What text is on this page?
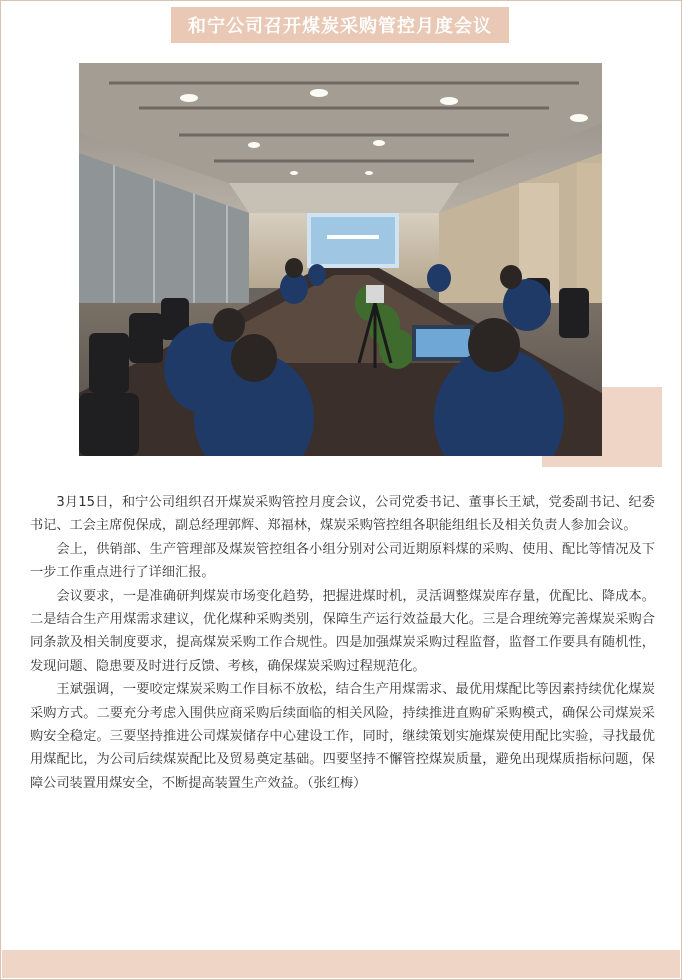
和宁公司召开煤炭采购管控月度会议

3月15日，和宁公司组织召开煤炭采购管控月度会议，公司党委书记、董事长王斌，党委副书记、纪委书记、工会主席倪保成，副总经理郭辉、郑福林，煤炭采购管控组各职能组组长及相关负责人参加会议。

会上，供销部、生产管理部及煤炭管控组各小组分别对公司近期原料煤的采购、使用、配比等情况及下一步工作重点进行了详细汇报。

会议要求，一是准确研判煤炭市场变化趋势，把握进煤时机，灵活调整煤炭库存量，优配比、降成本。二是结合生产用煤需求建议，优化煤种采购类别，保障生产运行效益最大化。三是合理统筹完善煤炭采购合同条款及相关制度要求，提高煤炭采购工作合规性。四是加强煤炭采购过程监督，监督工作要具有随机性，发现问题、隐患要及时进行反馈、考核，确保煤炭采购过程规范化。

王斌强调，一要咬定煤炭采购工作目标不放松，结合生产用煤需求、最优用煤配比等因素持续优化煤炭采购方式。二要充分考虑入围供应商采购后续面临的相关风险，持续推进直购矿采购模式，确保公司煤炭采购安全稳定。三要坚持推进公司煤炭储存中心建设工作，同时，继续策划实施煤炭使用配比实验，寻找最优用煤配比，为公司后续煤炭配比及贸易奠定基础。四要坚持不懈管控煤炭质量，避免出现煤质指标问题，保障公司装置用煤安全，不断提高装置生产效益。（张红梅）
